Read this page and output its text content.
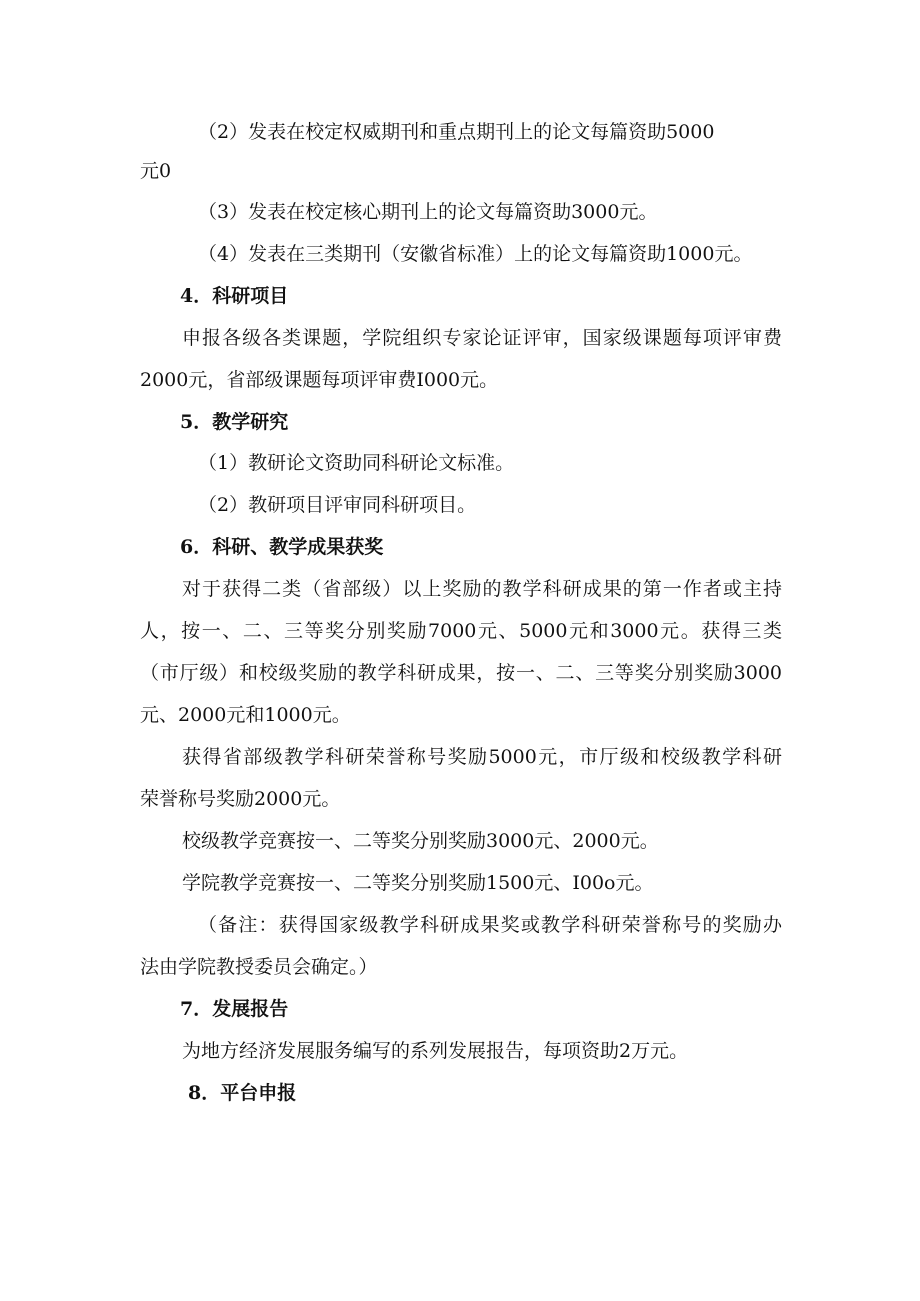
（2）发表在校定权威期刊和重点期刊上的论文每篇资助5000

元0

（3）发表在校定核心期刊上的论文每篇资助3000元。

（4）发表在三类期刊（安徽省标准）上的论文每篇资助1000元。

4．科研项目

申报各级各类课题，学院组织专家论证评审，国家级课题每项评审费

2000元，省部级课题每项评审费I000元。

5．教学研究

（1）教研论文资助同科研论文标准。

（2）教研项目评审同科研项目。

6．科研、教学成果获奖

对于获得二类（省部级）以上奖励的教学科研成果的第一作者或主持

人，按一、二、三等奖分别奖励7000元、5000元和3000元。获得三类

（市厅级）和校级奖励的教学科研成果，按一、二、三等奖分别奖励3000

元、2000元和1000元。

获得省部级教学科研荣誉称号奖励5000元，市厅级和校级教学科研

荣誉称号奖励2000元。

校级教学竞赛按一、二等奖分别奖励3000元、2000元。

学院教学竞赛按一、二等奖分别奖励1500元、I00o元。

（备注：获得国家级教学科研成果奖或教学科研荣誉称号的奖励办

法由学院教授委员会确定。）

7．发展报告

为地方经济发展服务编写的系列发展报告，每项资助2万元。

8．平台申报
